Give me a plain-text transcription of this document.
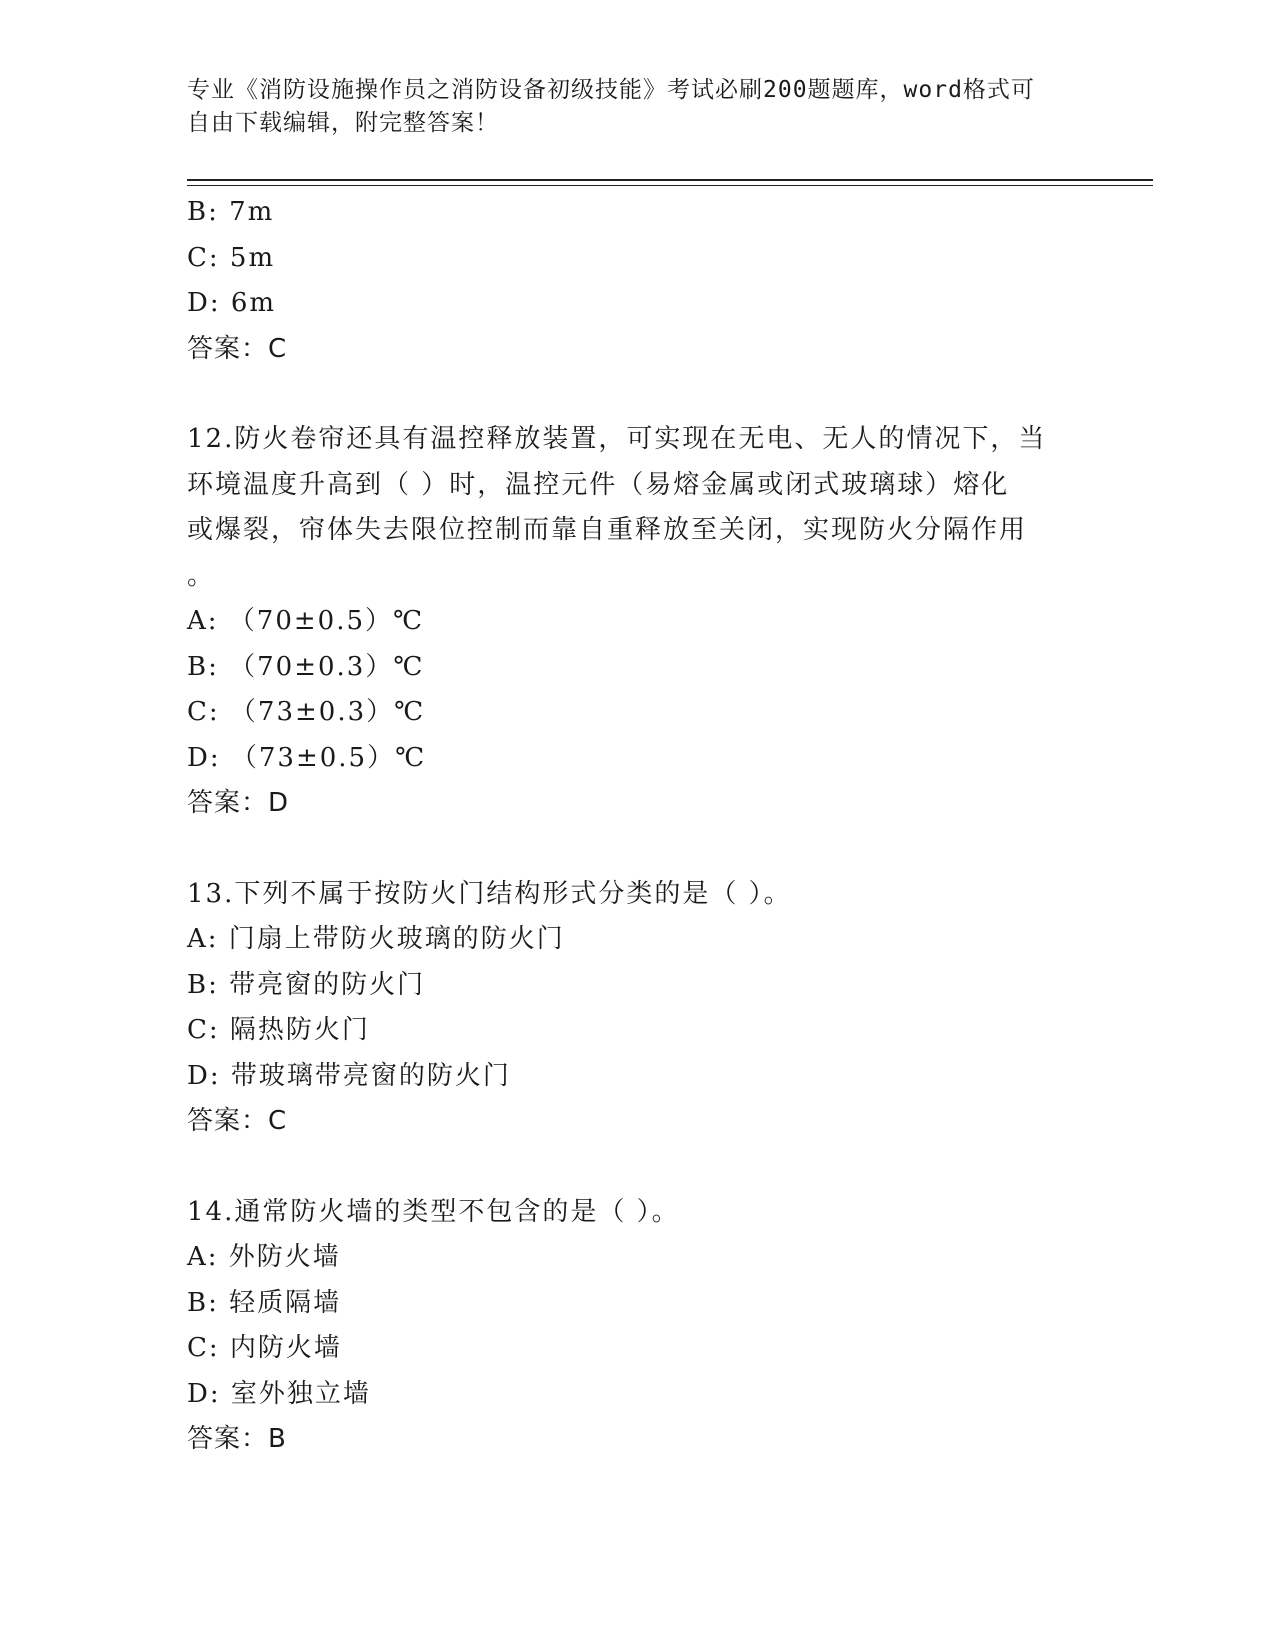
专业《消防设施操作员之消防设备初级技能》考试必刷200题题库，word格式可
自由下载编辑，附完整答案！
B: 7m
C: 5m
D: 6m
答案：C
12.防火卷帘还具有温控释放装置，可实现在无电、无人的情况下，当
环境温度升高到（ ）时，温控元件（易熔金属或闭式玻璃球）熔化
或爆裂，帘体失去限位控制而靠自重释放至关闭，实现防火分隔作用
。
A: （70±0.5）℃
B: （70±0.3）℃
C: （73±0.3）℃
D: （73±0.5）℃
答案：D
13.下列不属于按防火门结构形式分类的是（ ）。
A: 门扇上带防火玻璃的防火门
B: 带亮窗的防火门
C: 隔热防火门
D: 带玻璃带亮窗的防火门
答案：C
14.通常防火墙的类型不包含的是（ ）。
A: 外防火墙
B: 轻质隔墙
C: 内防火墙
D: 室外独立墙
答案：B
